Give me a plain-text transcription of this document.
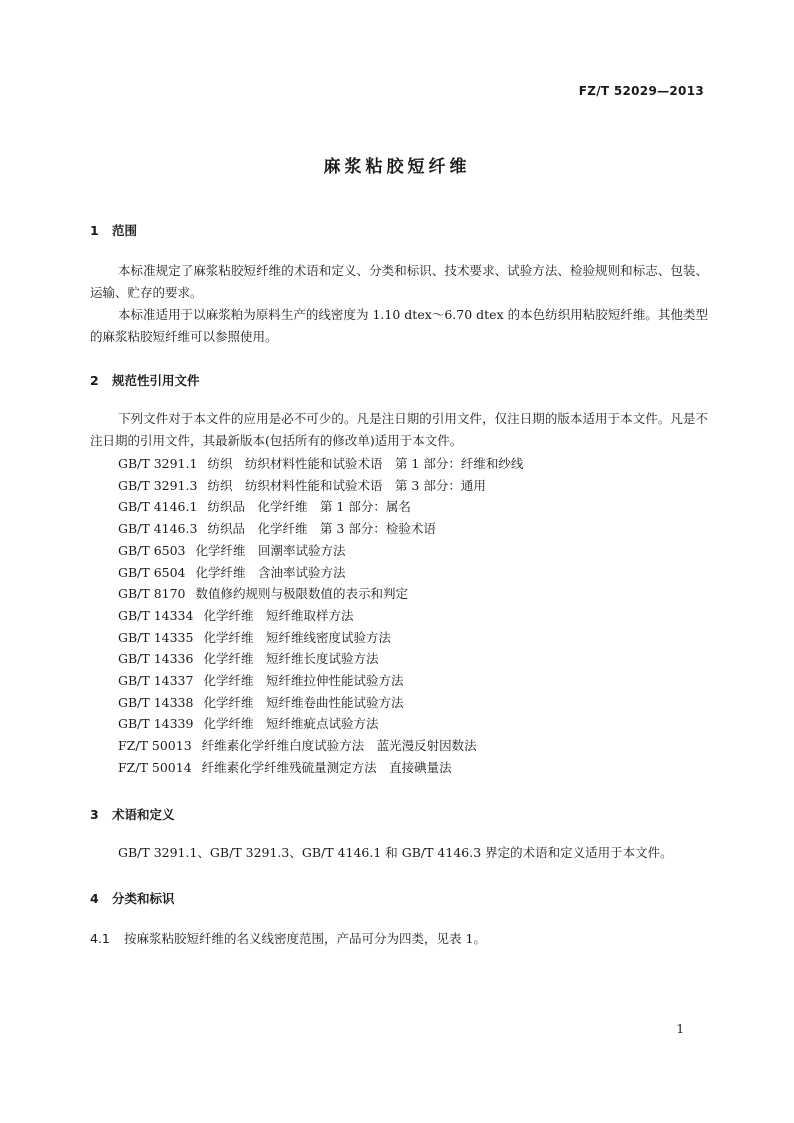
FZ/T 52029—2013
麻浆粘胶短纤维
1 范围

本标准规定了麻浆粘胶短纤维的术语和定义、分类和标识、技术要求、试验方法、检验规则和标志、包装、运输、贮存的要求。

本标准适用于以麻浆粕为原料生产的线密度为 1.10 dtex～6.70 dtex 的本色纺织用粘胶短纤维。其他类型的麻浆粘胶短纤维可以参照使用。

2 规范性引用文件

下列文件对于本文件的应用是必不可少的。凡是注日期的引用文件，仅注日期的版本适用于本文件。凡是不注日期的引用文件，其最新版本(包括所有的修改单)适用于本文件。

GB/T 3291.1 纺织　纺织材料性能和试验术语　第 1 部分：纤维和纱线
GB/T 3291.3 纺织　纺织材料性能和试验术语　第 3 部分：通用
GB/T 4146.1 纺织品　化学纤维　第 1 部分：属名
GB/T 4146.3 纺织品　化学纤维　第 3 部分：检验术语
GB/T 6503 化学纤维　回潮率试验方法
GB/T 6504 化学纤维　含油率试验方法
GB/T 8170 数值修约规则与极限数值的表示和判定
GB/T 14334 化学纤维　短纤维取样方法
GB/T 14335 化学纤维　短纤维线密度试验方法
GB/T 14336 化学纤维　短纤维长度试验方法
GB/T 14337 化学纤维　短纤维拉伸性能试验方法
GB/T 14338 化学纤维　短纤维卷曲性能试验方法
GB/T 14339 化学纤维　短纤维疵点试验方法
FZ/T 50013 纤维素化学纤维白度试验方法　蓝光漫反射因数法
FZ/T 50014 纤维素化学纤维残硫量测定方法　直接碘量法
3 术语和定义

GB/T 3291.1、GB/T 3291.3、GB/T 4146.1 和 GB/T 4146.3 界定的术语和定义适用于本文件。

4 分类和标识
4.1 按麻浆粘胶短纤维的名义线密度范围，产品可分为四类，见表 1。
1
